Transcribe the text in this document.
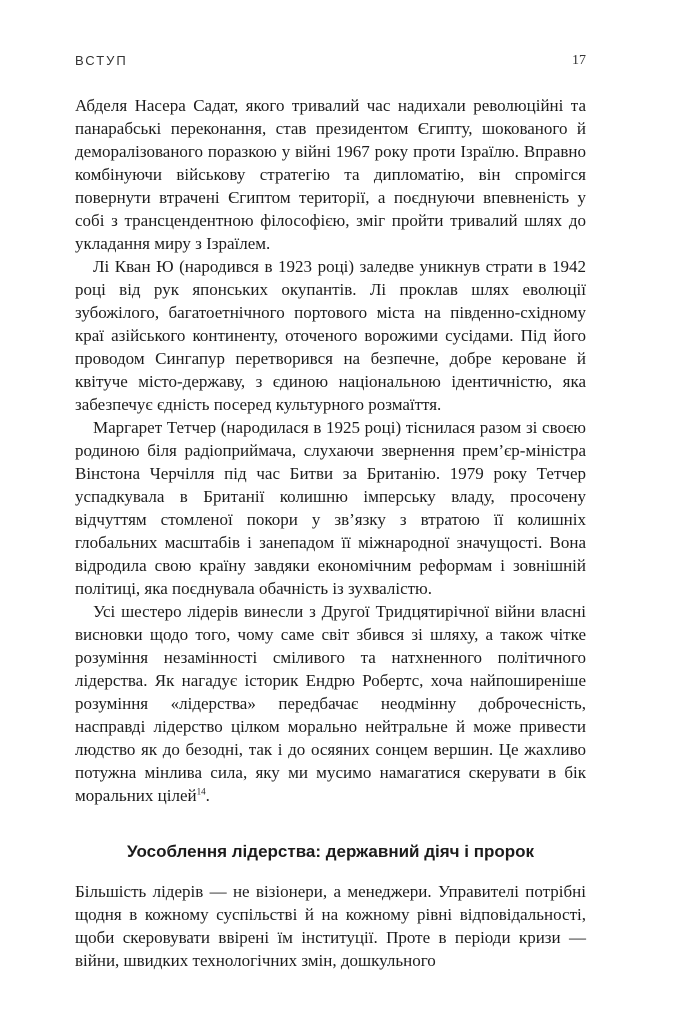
ВСТУП	17

Абделя Насера Садат, якого тривалий час надихали революційні та панарабські переконання, став президентом Єгипту, шокованого й деморалізованого поразкою у війні 1967 року проти Ізраїлю. Вправно комбінуючи військову стратегію та дипломатію, він спромігся повернути втрачені Єгиптом території, а поєднуючи впевненість у собі з трансцендентною філософією, зміг пройти тривалий шлях до укладання миру з Ізраїлем.

Лі Кван Ю (народився в 1923 році) заледве уникнув страти в 1942 році від рук японських окупантів. Лі проклав шлях еволюції зубожілого, багатоетнічного портового міста на південно-східному краї азійського континенту, оточеного ворожими сусідами. Під його проводом Сингапур перетворився на безпечне, добре кероване й квітуче місто-державу, з єдиною національною ідентичністю, яка забезпечує єдність посеред культурного розмаїття.

Маргарет Тетчер (народилася в 1925 році) тіснилася разом зі своєю родиною біля радіоприймача, слухаючи звернення прем’єр-міністра Вінстона Черчілля під час Битви за Британію. 1979 року Тетчер успадкувала в Британії колишню імперську владу, просочену відчуттям стомленої покори у зв’язку з втратою її колишніх глобальних масштабів і занепадом її міжнародної значущості. Вона відродила свою країну завдяки економічним реформам і зовнішній політиці, яка поєднувала обачність із зухвалістю.

Усі шестеро лідерів винесли з Другої Тридцятирічної війни власні висновки щодо того, чому саме світ збився зі шляху, а також чітке розуміння незамінності сміливого та натхненного політичного лідерства. Як нагадує історик Ендрю Робертс, хоча найпоширеніше розуміння «лідерства» передбачає неодмінну доброчесність, насправді лідерство цілком морально нейтральне й може привести людство як до безодні, так і до осяяних сонцем вершин. Це жахливо потужна мінлива сила, яку ми мусимо намагатися скерувати в бік моральних цілей$^{14}$.

Уособлення лідерства: державний діяч і пророк

Більшість лідерів — не візіонери, а менеджери. Управителі потрібні щодня в кожному суспільстві й на кожному рівні відповідальності, щоби скеровувати ввірені їм інституції. Проте в періоди кризи — війни, швидких технологічних змін, дошкульного
